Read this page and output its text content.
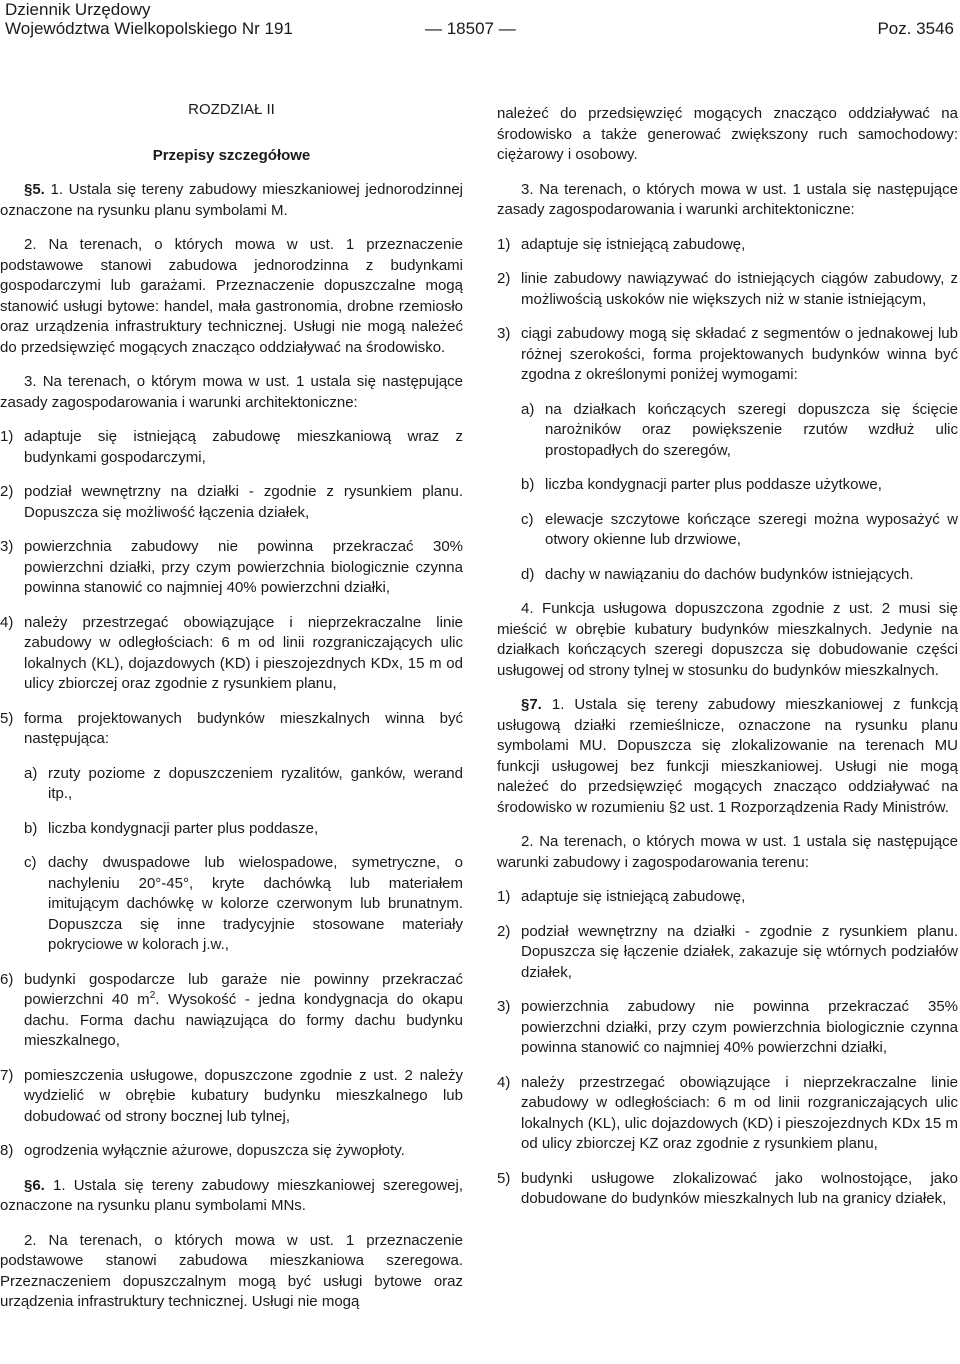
Dziennik Urzędowy
Województwa Wielkopolskiego Nr 191	— 18507 —	Poz. 3546

ROZDZIAŁ II

Przepisy szczegółowe

§5. 1. Ustala się tereny zabudowy mieszkaniowej jednorodzinnej oznaczone na rysunku planu symbolami M.

2. Na terenach, o których mowa w ust. 1 przeznaczenie podstawowe stanowi zabudowa jednorodzinna z budynkami gospodarczymi lub garażami. Przeznaczenie dopuszczalne mogą stanowić usługi bytowe: handel, mała gastronomia, drobne rzemiosło oraz urządzenia infrastruktury technicznej. Usługi nie mogą należeć do przedsięwzięć mogących znacząco oddziaływać na środowisko.

3. Na terenach, o którym mowa w ust. 1 ustala się następujące zasady zagospodarowania i warunki architektoniczne:

1) adaptuje się istniejącą zabudowę mieszkaniową wraz z budynkami gospodarczymi,
2) podział wewnętrzny na działki - zgodnie z rysunkiem planu. Dopuszcza się możliwość łączenia działek,
3) powierzchnia zabudowy nie powinna przekraczać 30% powierzchni działki, przy czym powierzchnia biologicznie czynna powinna stanowić co najmniej 40% powierzchni działki,
4) należy przestrzegać obowiązujące i nieprzekraczalne linie zabudowy w odległościach: 6 m od linii rozgraniczających ulic lokalnych (KL), dojazdowych (KD) i pieszojezdnych KDx, 15 m od ulicy zbiorczej oraz zgodnie z rysunkiem planu,
5) forma projektowanych budynków mieszkalnych winna być następująca:
a) rzuty poziome z dopuszczeniem ryzalitów, ganków, werand itp.,
b) liczba kondygnacji parter plus poddasze,
c) dachy dwuspadowe lub wielospadowe, symetryczne, o nachyleniu 20°-45°, kryte dachówką lub materiałem imitującym dachówkę w kolorze czerwonym lub brunatnym. Dopuszcza się inne tradycyjnie stosowane materiały pokryciowe w kolorach j.w.,
6) budynki gospodarcze lub garaże nie powinny przekraczać powierzchni 40 $m^2$. Wysokość - jedna kondygnacja do okapu dachu. Forma dachu nawiązująca do formy dachu budynku mieszkalnego,
7) pomieszczenia usługowe, dopuszczone zgodnie z ust. 2 należy wydzielić w obrębie kubatury budynku mieszkalnego lub dobudować od strony bocznej lub tylnej,
8) ogrodzenia wyłącznie ażurowe, dopuszcza się żywopłoty.

§6. 1. Ustala się tereny zabudowy mieszkaniowej szeregowej, oznaczone na rysunku planu symbolami MNs.

2. Na terenach, o których mowa w ust. 1 przeznaczenie podstawowe stanowi zabudowa mieszkaniowa szeregowa. Przeznaczeniem dopuszczalnym mogą być usługi bytowe oraz urządzenia infrastruktury technicznej. Usługi nie mogą

należeć do przedsięwzięć mogących znacząco oddziaływać na środowisko a także generować zwiększony ruch samochodowy: ciężarowy i osobowy.

3. Na terenach, o których mowa w ust. 1 ustala się następujące zasady zagospodarowania i warunki architektoniczne:

1) adaptuje się istniejącą zabudowę,
2) linie zabudowy nawiązywać do istniejących ciągów zabudowy, z możliwością uskoków nie większych niż w stanie istniejącym,
3) ciągi zabudowy mogą się składać z segmentów o jednakowej lub różnej szerokości, forma projektowanych budynków winna być zgodna z określonymi poniżej wymogami:
a) na działkach kończących szeregi dopuszcza się ścięcie narożników oraz powiększenie rzutów wzdłuż ulic prostopadłych do szeregów,
b) liczba kondygnacji parter plus poddasze użytkowe,
c) elewacje szczytowe kończące szeregi można wyposażyć w otwory okienne lub drzwiowe,
d) dachy w nawiązaniu do dachów budynków istniejących.

4. Funkcja usługowa dopuszczona zgodnie z ust. 2 musi się mieścić w obrębie kubatury budynków mieszkalnych. Jedynie na działkach kończących szeregi dopuszcza się dobudowanie części usługowej od strony tylnej w stosunku do budynków mieszkalnych.

§7. 1. Ustala się tereny zabudowy mieszkaniowej z funkcją usługową działki rzemieślnicze, oznaczone na rysunku planu symbolami MU. Dopuszcza się zlokalizowanie na terenach MU funkcji usługowej bez funkcji mieszkaniowej. Usługi nie mogą należeć do przedsięwzięć mogących znacząco oddziaływać na środowisko w rozumieniu §2 ust. 1 Rozporządzenia Rady Ministrów.

2. Na terenach, o których mowa w ust. 1 ustala się następujące warunki zabudowy i zagospodarowania terenu:

1) adaptuje się istniejącą zabudowę,
2) podział wewnętrzny na działki - zgodnie z rysunkiem planu. Dopuszcza się łączenie działek, zakazuje się wtórnych podziałów działek,
3) powierzchnia zabudowy nie powinna przekraczać 35% powierzchni działki, przy czym powierzchnia biologicznie czynna powinna stanowić co najmniej 40% powierzchni działki,
4) należy przestrzegać obowiązujące i nieprzekraczalne linie zabudowy w odległościach: 6 m od linii rozgraniczających ulic lokalnych (KL), ulic dojazdowych (KD) i pieszojezdnych KDx 15 m od ulicy zbiorczej KZ oraz zgodnie z rysunkiem planu,
5) budynki usługowe zlokalizować jako wolnostojące, jako dobudowane do budynków mieszkalnych lub na granicy działek,
